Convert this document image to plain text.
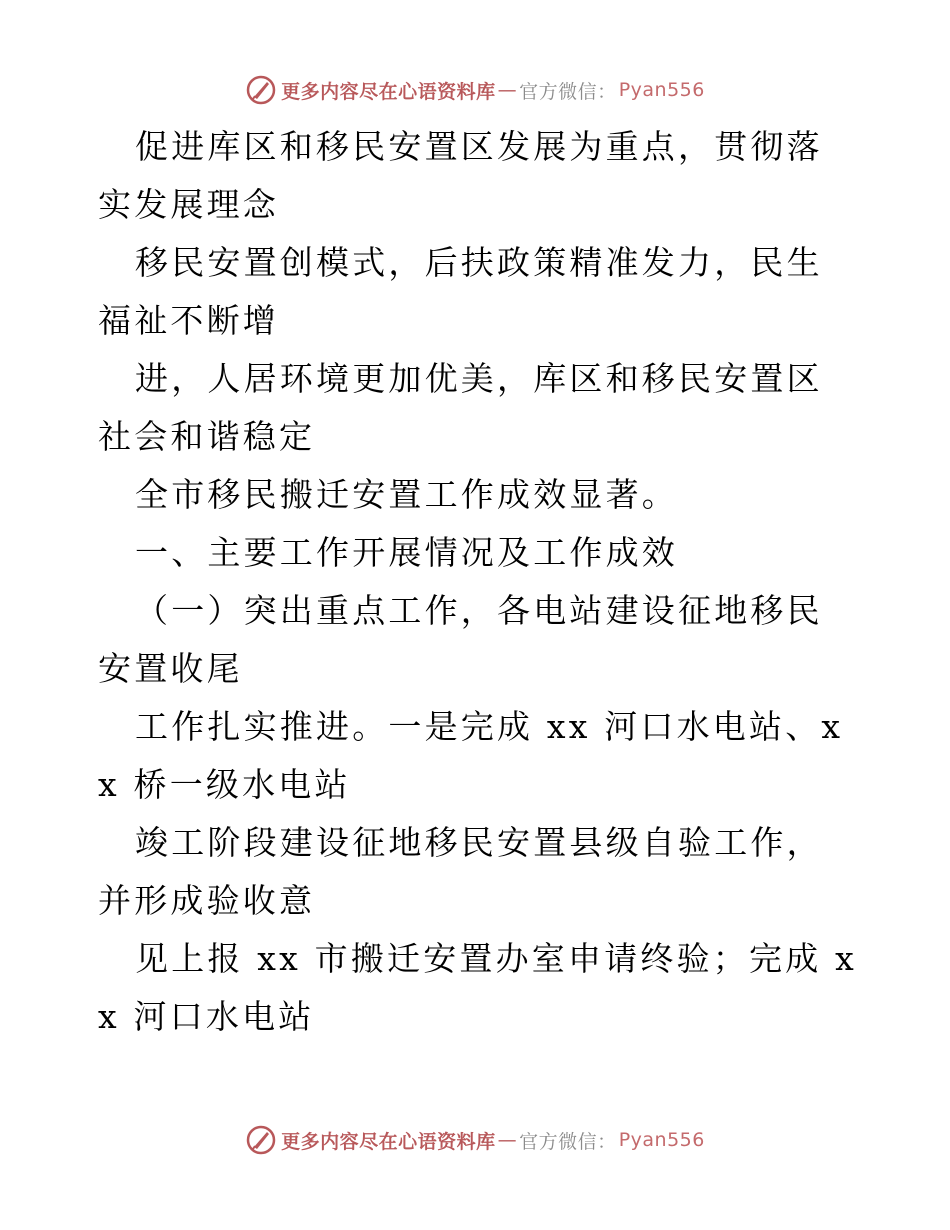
更多内容尽在心语资料库 — 官方微信： Pyan556

促进库区和移民安置区发展为重点，贯彻落实发展理念

移民安置创模式，后扶政策精准发力，民生福祉不断增

进，人居环境更加优美，库区和移民安置区社会和谐稳定

全市移民搬迁安置工作成效显著。

一、主要工作开展情况及工作成效

（一）突出重点工作，各电站建设征地移民安置收尾

工作扎实推进。一是完成 xx 河口水电站、xx 桥一级水电站

竣工阶段建设征地移民安置县级自验工作，并形成验收意

见上报 xx 市搬迁安置办室申请终验；完成 xx 河口水电站

更多内容尽在心语资料库 — 官方微信： Pyan556
